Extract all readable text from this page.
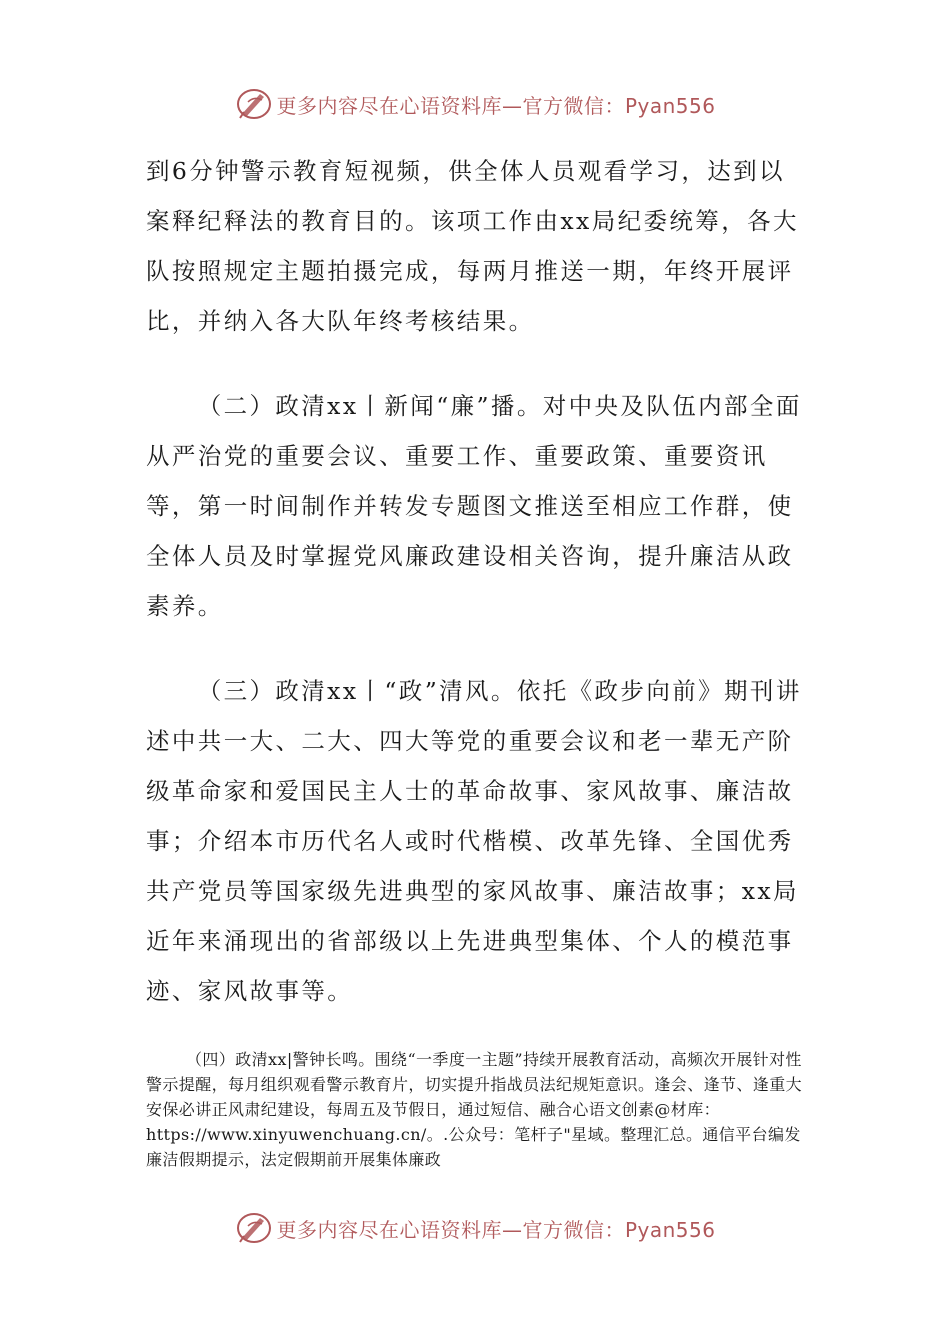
更多内容尽在心语资料库—官方微信：Pyan556

到6分钟警示教育短视频，供全体人员观看学习，达到以案释纪释法的教育目的。该项工作由xx局纪委统筹，各大队按照规定主题拍摄完成，每两月推送一期，年终开展评比，并纳入各大队年终考核结果。

（二）政清xx丨新闻“廉”播。对中央及队伍内部全面从严治党的重要会议、重要工作、重要政策、重要资讯等，第一时间制作并转发专题图文推送至相应工作群，使全体人员及时掌握党风廉政建设相关咨询，提升廉洁从政素养。

（三）政清xx丨“政”清风。依托《政步向前》期刊讲述中共一大、二大、四大等党的重要会议和老一辈无产阶级革命家和爱国民主人士的革命故事、家风故事、廉洁故事；介绍本市历代名人或时代楷模、改革先锋、全国优秀共产党员等国家级先进典型的家风故事、廉洁故事；xx局近年来涌现出的省部级以上先进典型集体、个人的模范事迹、家风故事等。

（四）政清xx|警钟长鸣。围绕“一季度一主题”持续开展教育活动，高频次开展针对性警示提醒，每月组织观看警示教育片，切实提升指战员法纪规矩意识。逢会、逢节、逢重大安保必讲正风肃纪建设，每周五及节假日，通过短信、融合心语文创素@材库：https://www.xinyuwenchuang.cn/。.公众号：笔杆子"星域。整理汇总。通信平台编发廉洁假期提示，法定假期前开展集体廉政

更多内容尽在心语资料库—官方微信：Pyan556
